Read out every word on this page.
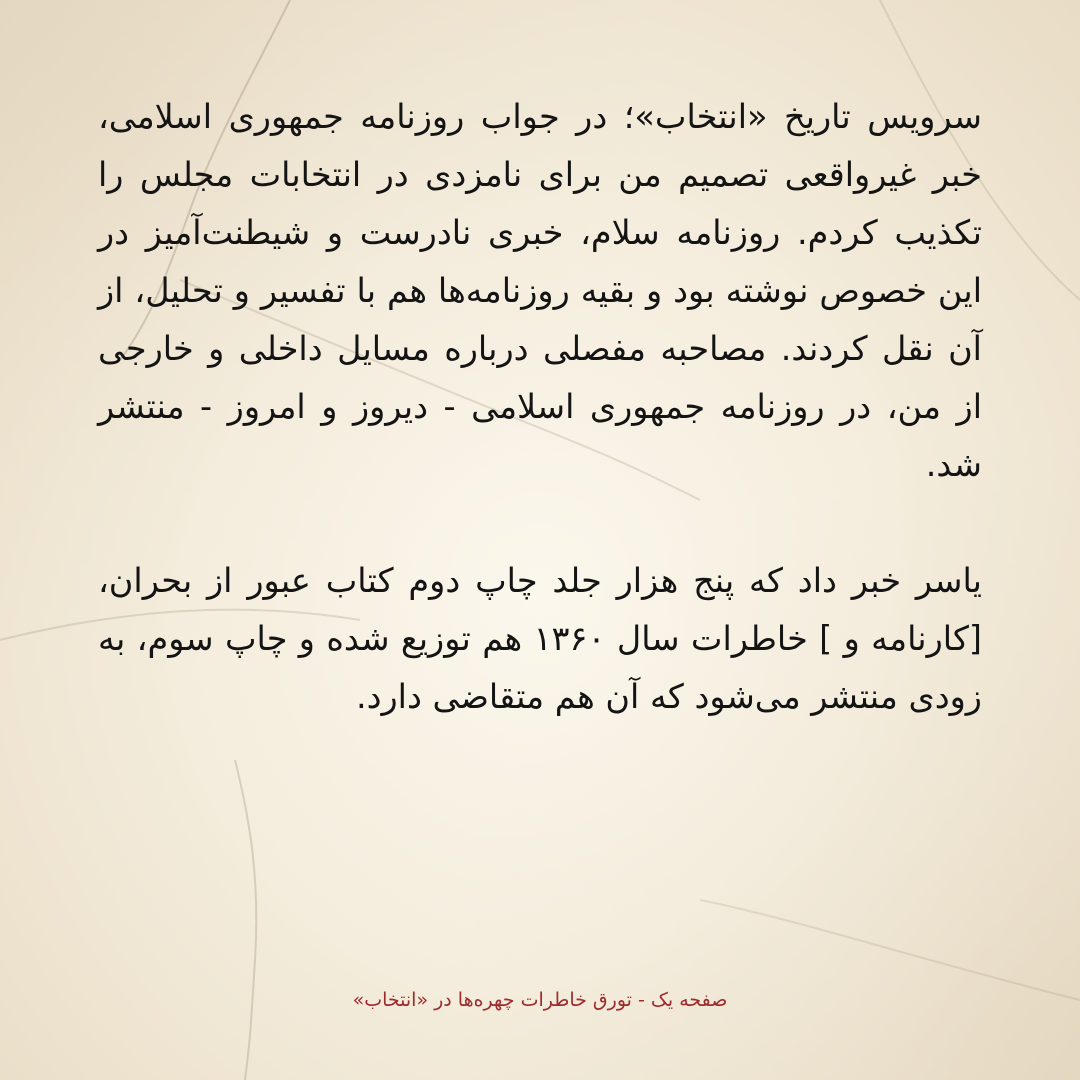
سرویس تاریخ «انتخاب»؛ در جواب روزنامه جمهوری اسلامی، خبر غیرواقعی تصمیم من برای نامزدی در انتخابات مجلس را تکذیب کردم. روزنامه سلام، خبری نادرست و شیطنت‌آمیز در این خصوص نوشته بود و بقیه روزنامه‌ها هم با تفسیر و تحلیل، از آن نقل کردند. مصاحبه مفصلی درباره مسایل داخلی و خارجی از من، در روزنامه جمهوری اسلامی - دیروز و امروز - منتشر شد.

یاسر خبر داد که پنج هزار جلد چاپ دوم کتاب عبور از بحران، [کارنامه و ] خاطرات سال ۱۳۶۰ هم توزیع شده و چاپ سوم، به زودی منتشر می‌شود که آن هم متقاضی دارد.

صفحه یک - تورق خاطرات چهره‌ها در «انتخاب»
